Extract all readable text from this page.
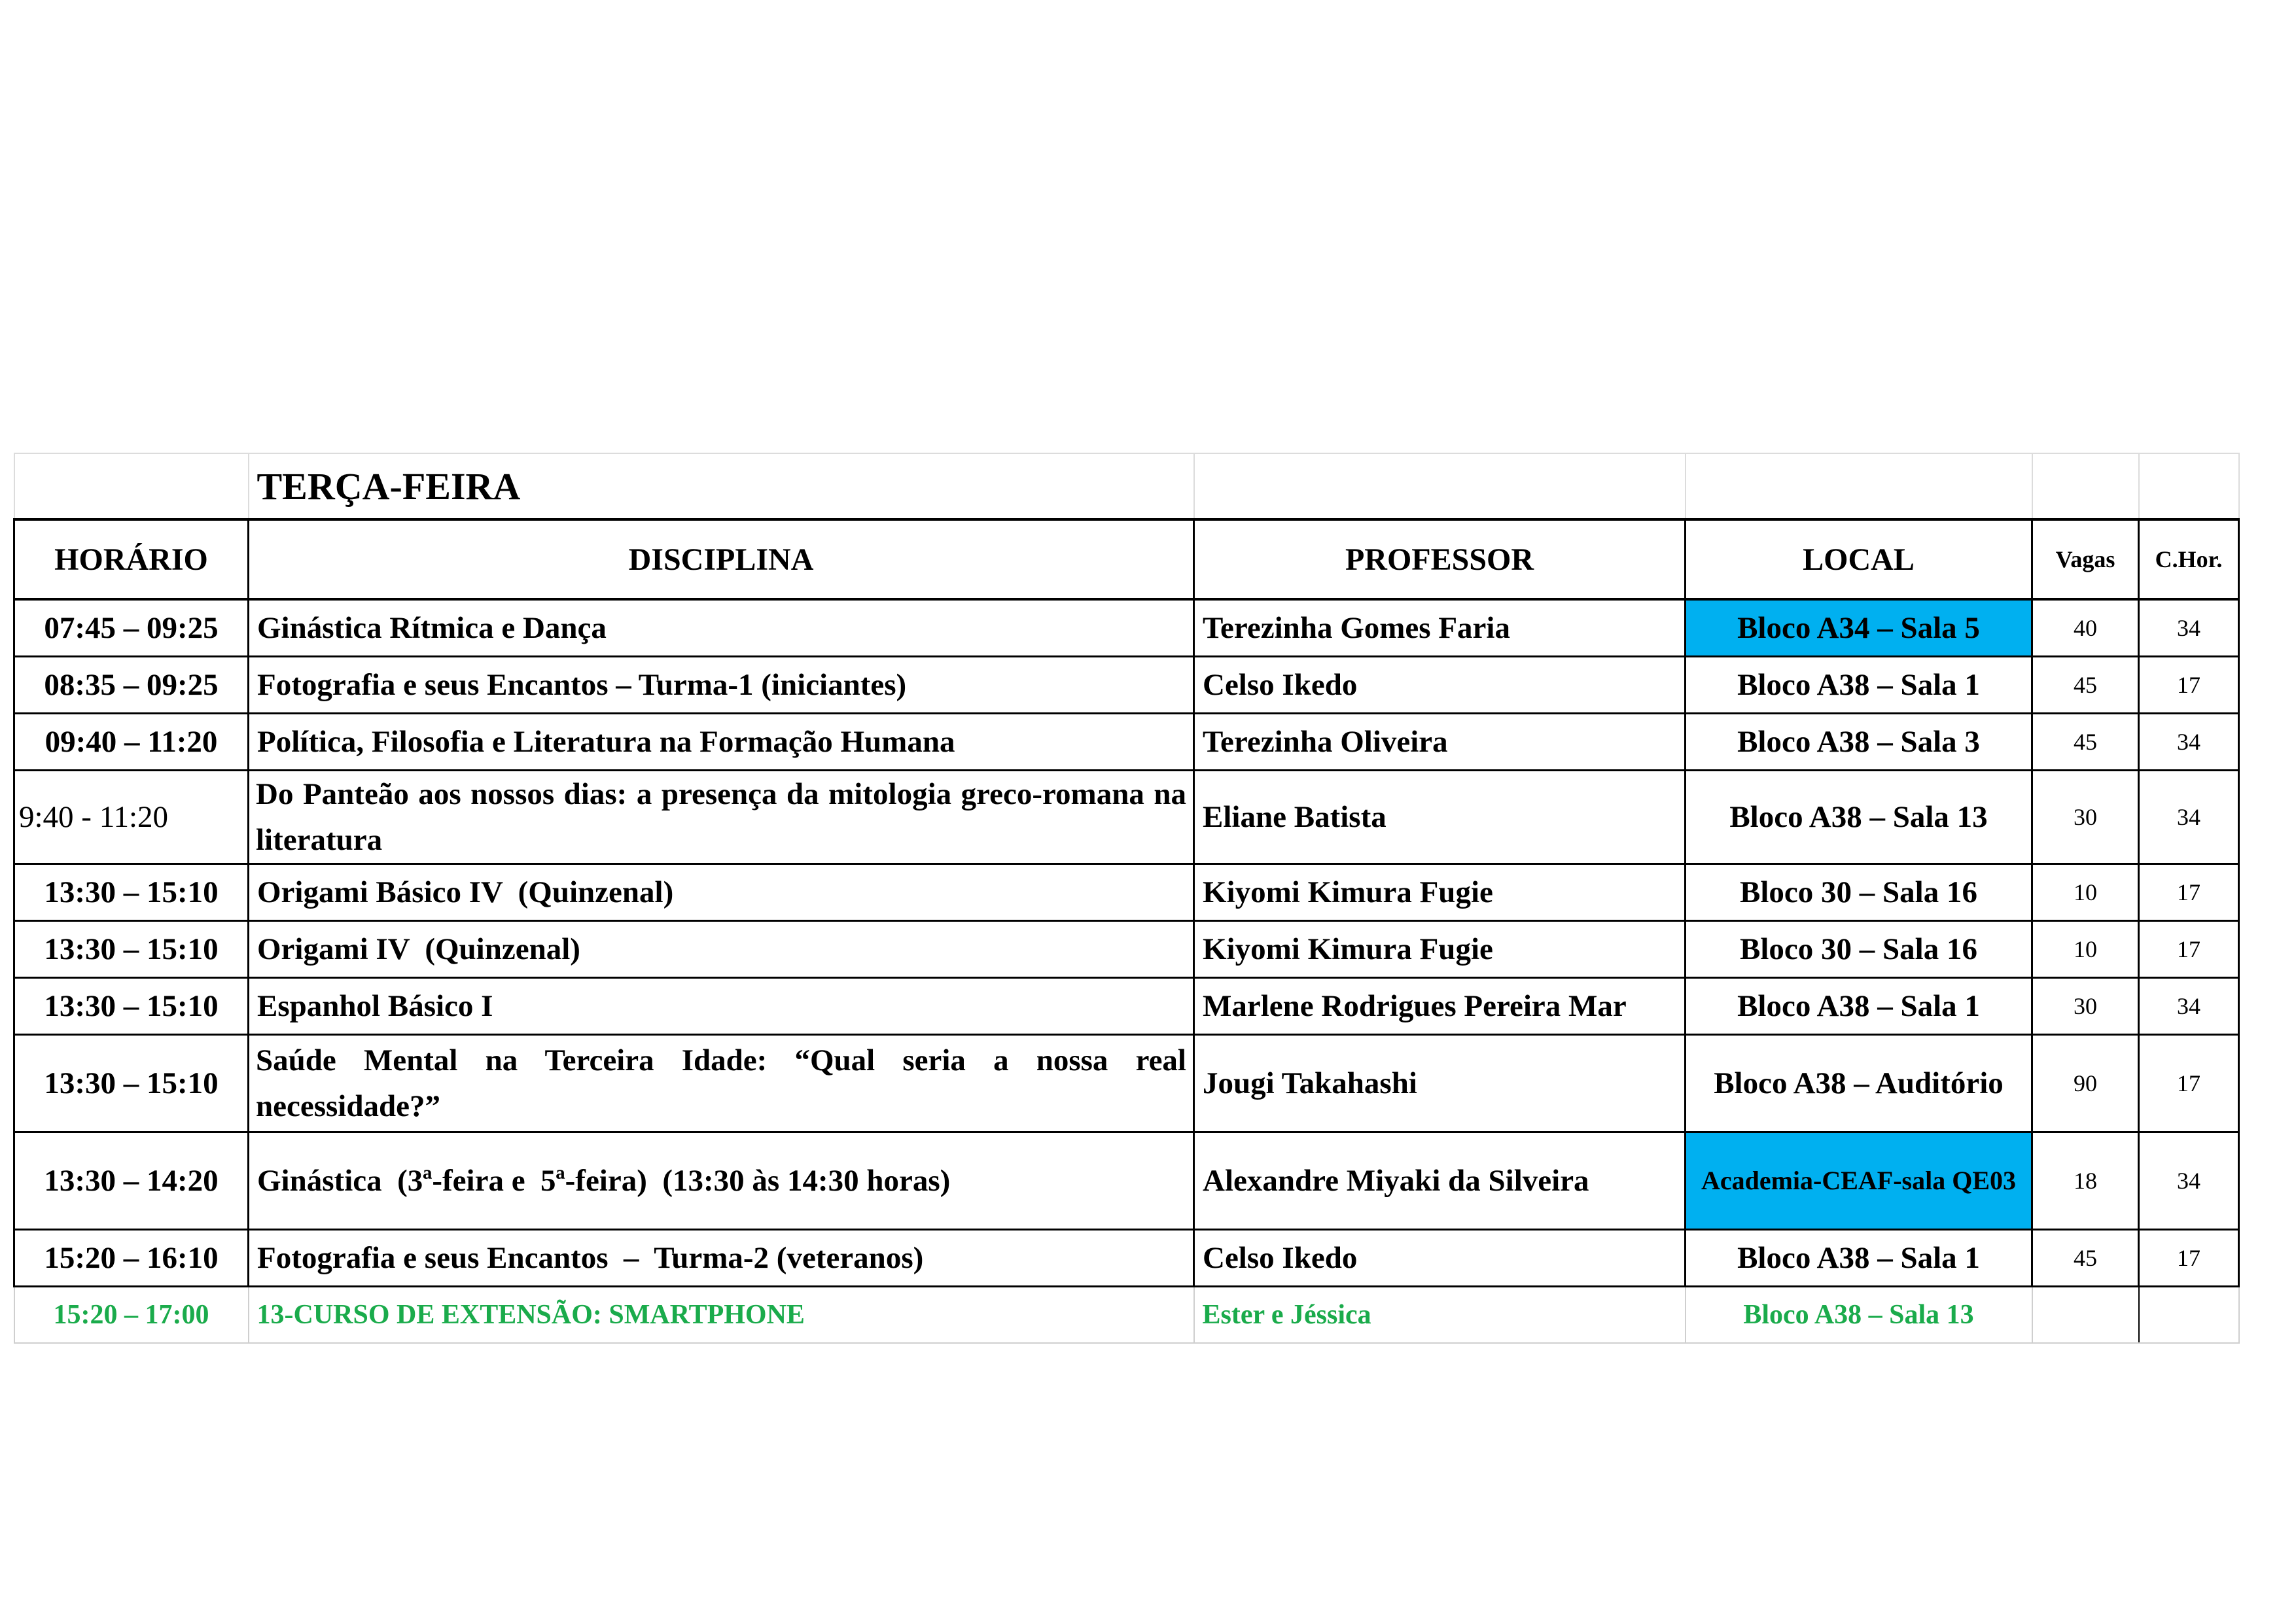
	TERÇA-FEIRA				
HORÁRIO	DISCIPLINA	PROFESSOR	LOCAL	Vagas	C.Hor.
07:45 – 09:25	Ginástica Rítmica e Dança	Terezinha Gomes Faria	Bloco A34 – Sala 5	40	34
08:35 – 09:25	Fotografia e seus Encantos – Turma-1 (iniciantes)	Celso Ikedo	Bloco A38 – Sala 1	45	17
09:40 – 11:20	Política, Filosofia e Literatura na Formação Humana	Terezinha Oliveira	Bloco A38 – Sala 3	45	34
9:40 - 11:20	Do Panteão aos nossos dias: a presença da mitologia greco-romana na literatura	Eliane Batista	Bloco A38 – Sala 13	30	34
13:30 – 15:10	Origami Básico IV  (Quinzenal)	Kiyomi Kimura Fugie	Bloco 30 – Sala 16	10	17
13:30 – 15:10	Origami IV  (Quinzenal)	Kiyomi Kimura Fugie	Bloco 30 – Sala 16	10	17
13:30 – 15:10	Espanhol Básico I	Marlene Rodrigues Pereira Mar	Bloco A38 – Sala 1	30	34
13:30 – 15:10	Saúde Mental na Terceira Idade: “Qual seria a nossa real necessidade?”	Jougi Takahashi	Bloco A38 – Auditório	90	17
13:30 – 14:20	Ginástica  (3ª-feira e  5ª-feira)  (13:30 às 14:30 horas)	Alexandre Miyaki da Silveira	Academia-CEAF-sala QE03	18	34
15:20 – 16:10	Fotografia e seus Encantos  –  Turma-2 (veteranos)	Celso Ikedo	Bloco A38 – Sala 1	45	17
15:20 – 17:00	13-CURSO DE EXTENSÃO: SMARTPHONE	Ester e Jéssica	Bloco A38 – Sala 13		
